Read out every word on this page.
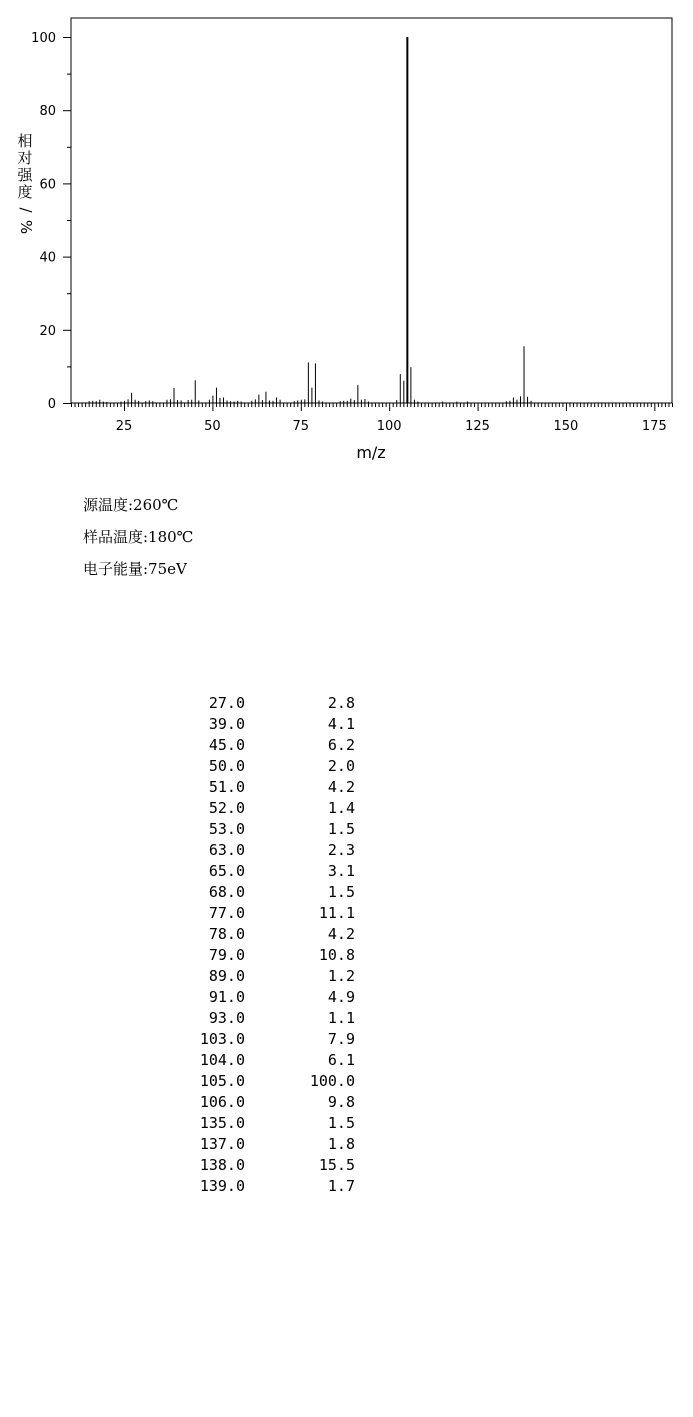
25	50	75	100	125	150	175
0
20
40
60
80
100
m/z
相
对
强
度
/
%
源温度:260℃
样品温度:180℃
电子能量:75eV
27.0	2.8
39.0	4.1
45.0	6.2
50.0	2.0
51.0	4.2
52.0	1.4
53.0	1.5
63.0	2.3
65.0	3.1
68.0	1.5
77.0	11.1
78.0	4.2
79.0	10.8
89.0	1.2
91.0	4.9
93.0	1.1
103.0	7.9
104.0	6.1
105.0	100.0
106.0	9.8
135.0	1.5
137.0	1.8
138.0	15.5
139.0	1.7
